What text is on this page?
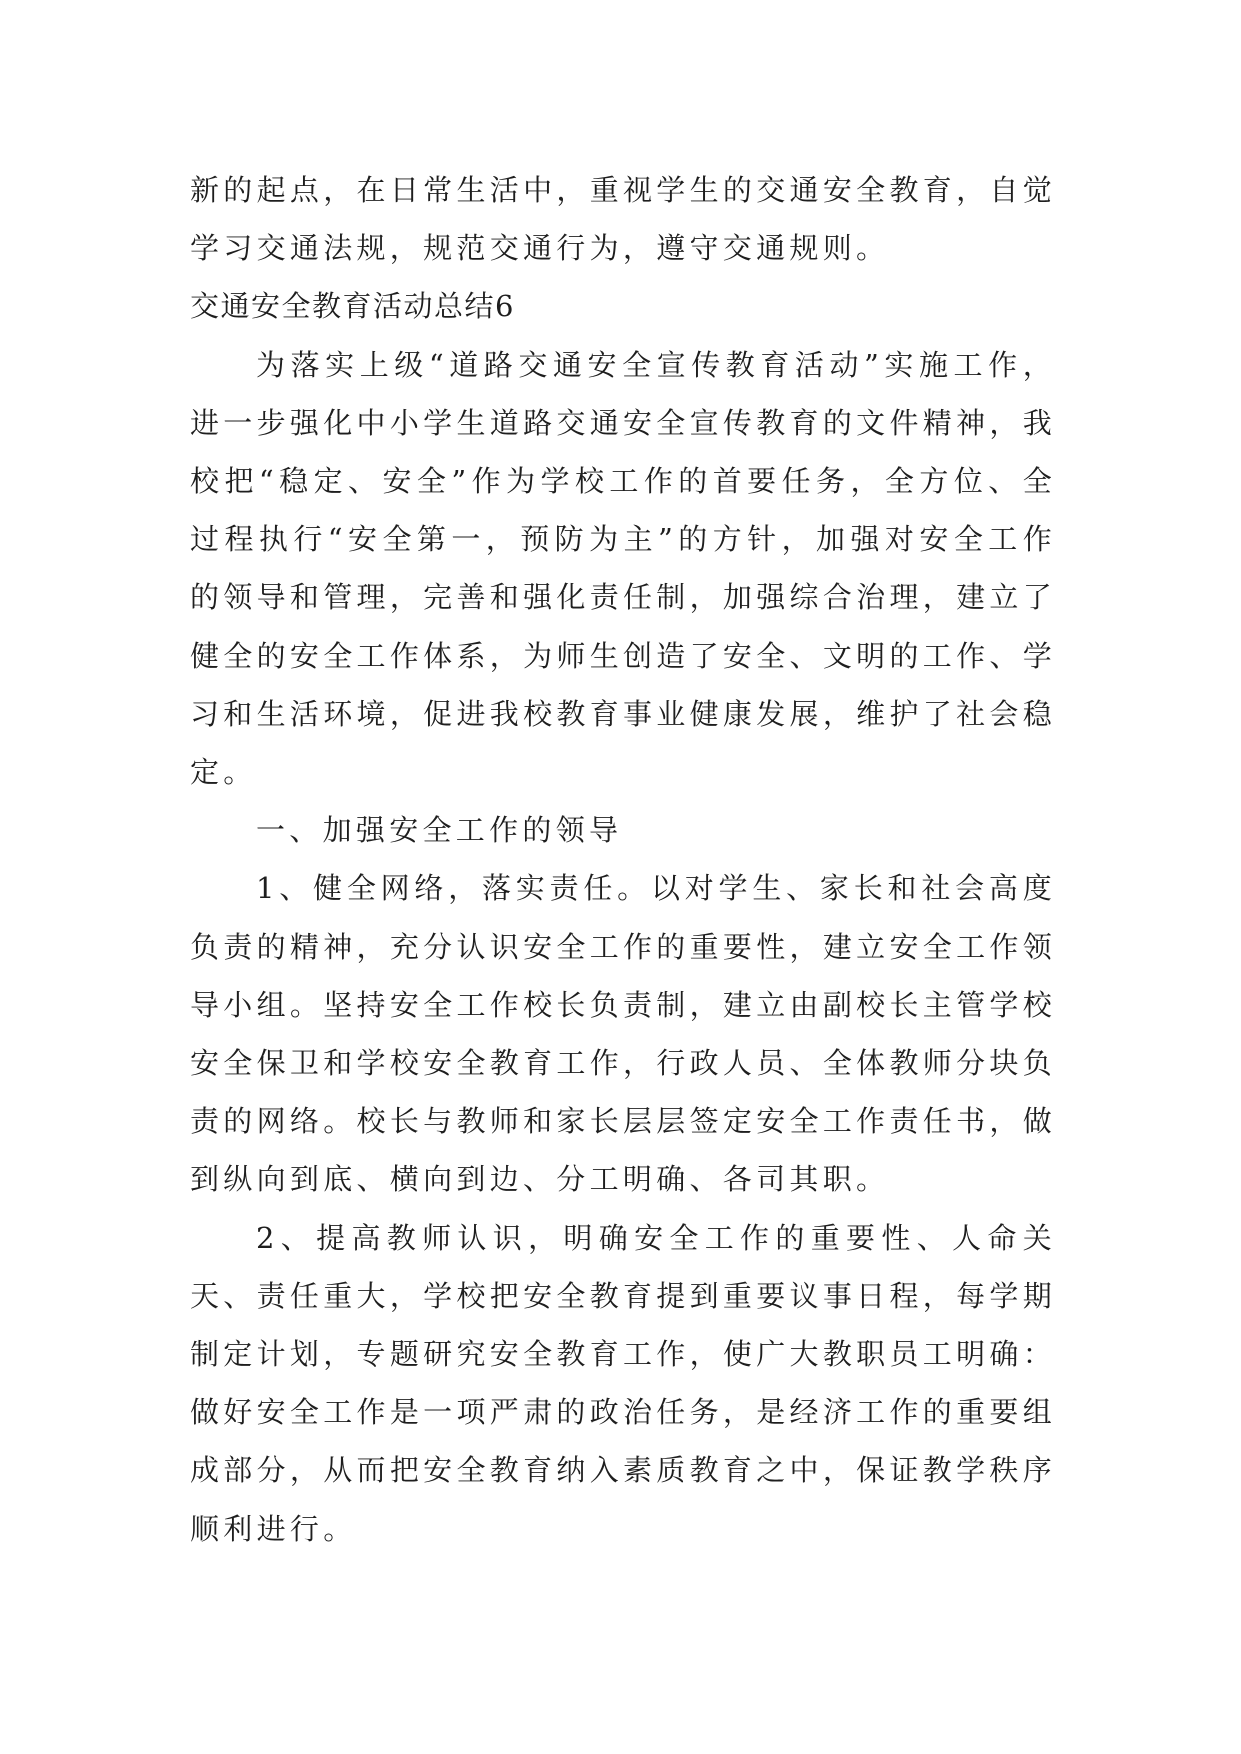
新的起点，在日常生活中，重视学生的交通安全教育，自觉学习交通法规，规范交通行为，遵守交通规则。

交通安全教育活动总结6

为落实上级“道路交通安全宣传教育活动”实施工作，进一步强化中小学生道路交通安全宣传教育的文件精神，我校把“稳定、安全”作为学校工作的首要任务，全方位、全过程执行“安全第一，预防为主”的方针，加强对安全工作的领导和管理，完善和强化责任制，加强综合治理，建立了健全的安全工作体系，为师生创造了安全、文明的工作、学习和生活环境，促进我校教育事业健康发展，维护了社会稳定。

一、加强安全工作的领导

1、健全网络，落实责任。以对学生、家长和社会高度负责的精神，充分认识安全工作的重要性，建立安全工作领导小组。坚持安全工作校长负责制，建立由副校长主管学校安全保卫和学校安全教育工作，行政人员、全体教师分块负责的网络。校长与教师和家长层层签定安全工作责任书，做到纵向到底、横向到边、分工明确、各司其职。

2、提高教师认识，明确安全工作的重要性、人命关天、责任重大，学校把安全教育提到重要议事日程，每学期制定计划，专题研究安全教育工作，使广大教职员工明确：做好安全工作是一项严肃的政治任务，是经济工作的重要组成部分，从而把安全教育纳入素质教育之中，保证教学秩序顺利进行。
